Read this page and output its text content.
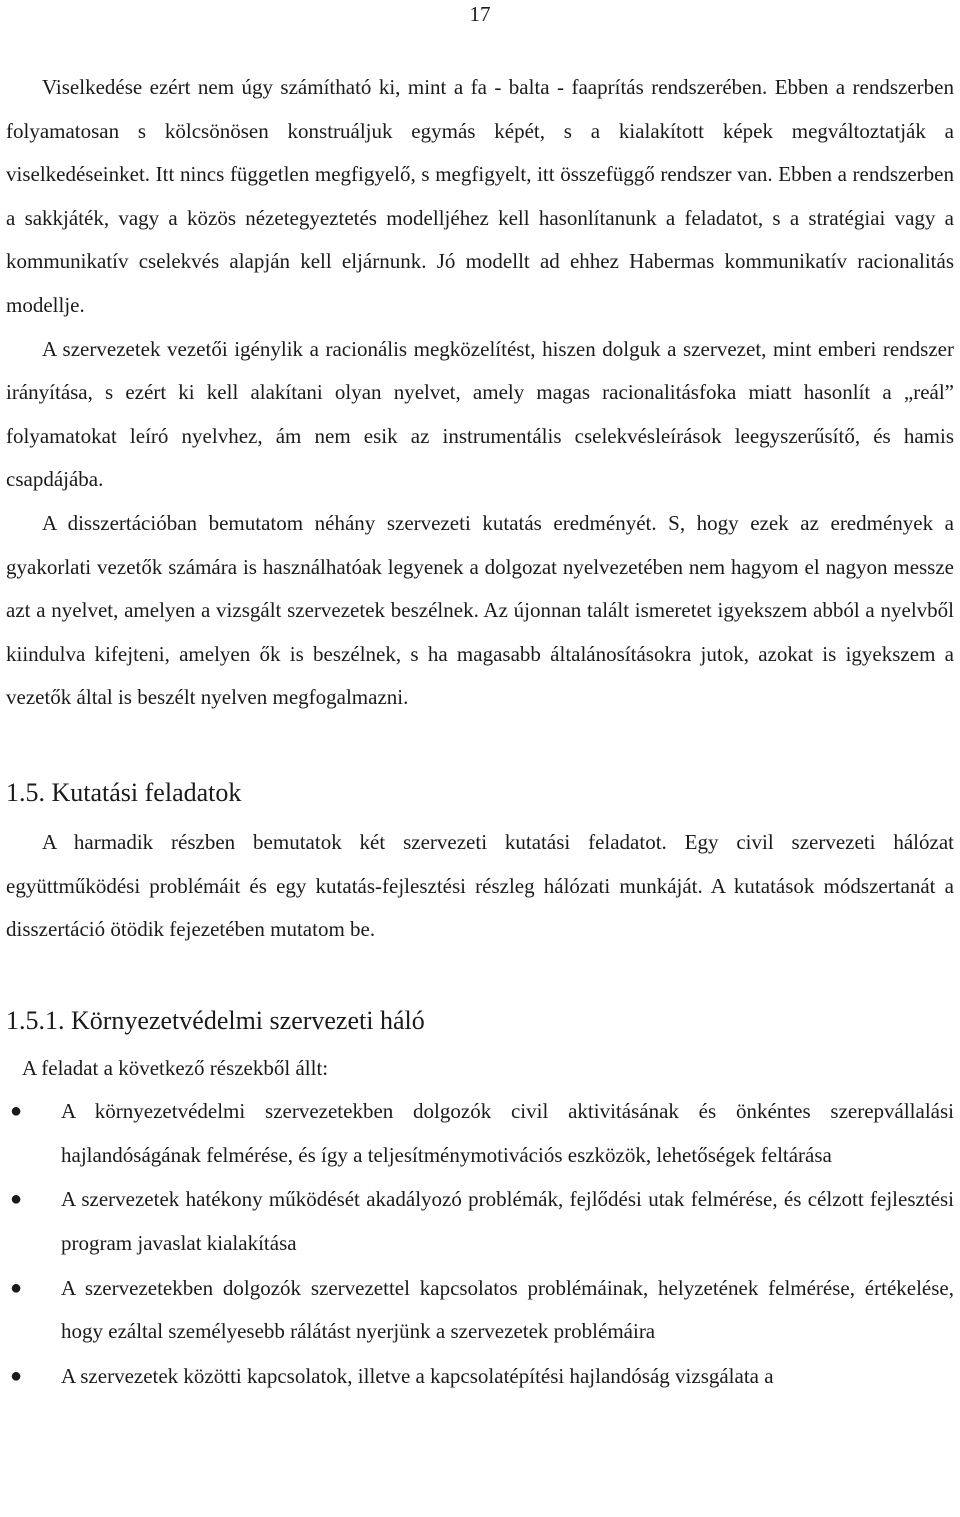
17

Viselkedése ezért nem úgy számítható ki, mint a fa - balta - faaprítás rendszerében. Ebben a rendszerben folyamatosan s kölcsönösen konstruáljuk egymás képét, s a kialakított képek megváltoztatják a viselkedéseinket. Itt nincs független megfigyelő, s megfigyelt, itt összefüggő rendszer van. Ebben a rendszerben a sakkjáték, vagy a közös nézetegyeztetés modelljéhez kell hasonlítanunk a feladatot, s a stratégiai vagy a kommunikatív cselekvés alapján kell eljárnunk. Jó modellt ad ehhez Habermas kommunikatív racionalitás modellje.

A szervezetek vezetői igénylik a racionális megközelítést, hiszen dolguk a szervezet, mint emberi rendszer irányítása, s ezért ki kell alakítani olyan nyelvet, amely magas racionalitásfoka miatt hasonlít a „reál” folyamatokat leíró nyelvhez, ám nem esik az instrumentális cselekvésleírások leegyszerűsítő, és hamis csapdájába.

A disszertációban bemutatom néhány szervezeti kutatás eredményét. S, hogy ezek az eredmények a gyakorlati vezetők számára is használhatóak legyenek a dolgozat nyelvezetében nem hagyom el nagyon messze azt a nyelvet, amelyen a vizsgált szervezetek beszélnek. Az újonnan talált ismeretet igyekszem abból a nyelvből kiindulva kifejteni, amelyen ők is beszélnek, s ha magasabb általánosításokra jutok, azokat is igyekszem a vezetők által is beszélt nyelven megfogalmazni.

1.5. Kutatási feladatok

A harmadik részben bemutatok két szervezeti kutatási feladatot. Egy civil szervezeti hálózat együttműködési problémáit és egy kutatás-fejlesztési részleg hálózati munkáját. A kutatások módszertanát a disszertáció ötödik fejezetében mutatom be.

1.5.1. Környezetvédelmi szervezeti háló

A feladat a következő részekből állt:

● A környezetvédelmi szervezetekben dolgozók civil aktivitásának és önkéntes szerepvállalási hajlandóságának felmérése, és így a teljesítménymotivációs eszközök, lehetőségek feltárása
● A szervezetek hatékony működését akadályozó problémák, fejlődési utak felmérése, és célzott fejlesztési program javaslat kialakítása
● A szervezetekben dolgozók szervezettel kapcsolatos problémáinak, helyzetének felmérése, értékelése, hogy ezáltal személyesebb rálátást nyerjünk a szervezetek problémáira
● A szervezetek közötti kapcsolatok, illetve a kapcsolatépítési hajlandóság vizsgálata a
